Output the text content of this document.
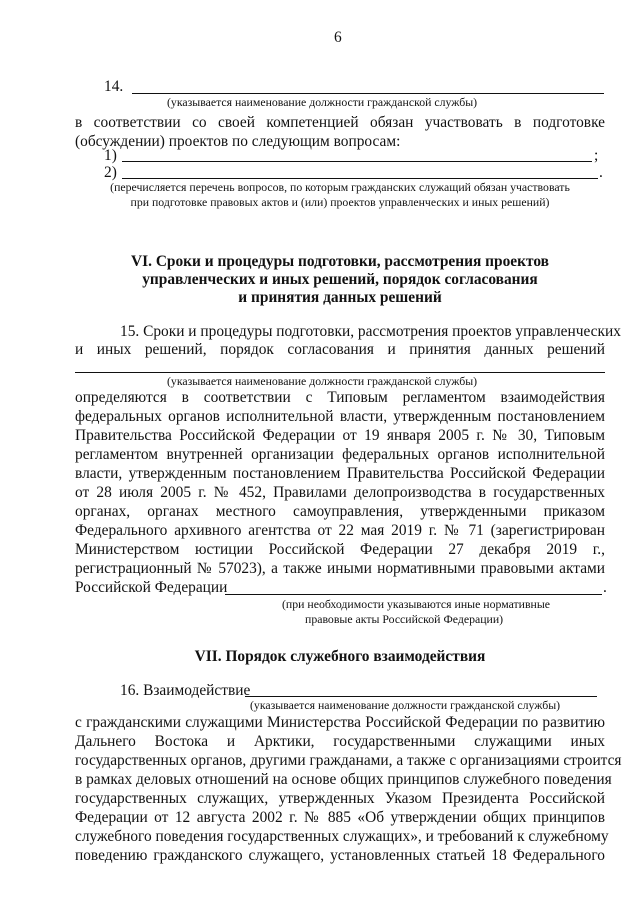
6
14.
(указывается наименование должности гражданской службы)
в соответствии со своей компетенцией обязан участвовать в подготовке
(обсуждении) проектов по следующим вопросам:
1)	;
2)	.
(перечисляется перечень вопросов, по которым гражданских служащий обязан участвовать
при подготовке правовых актов и (или) проектов управленческих и иных решений)
VI. Сроки и процедуры подготовки, рассмотрения проектов
управленческих и иных решений, порядок согласования
и принятия данных решений
15. Сроки и процедуры подготовки, рассмотрения проектов управленческих
и иных решений, порядок согласования и принятия данных решений
(указывается наименование должности гражданской службы)
определяются в соответствии с Типовым регламентом взаимодействия
федеральных органов исполнительной власти, утвержденным постановлением
Правительства Российской Федерации от 19 января 2005 г. № 30, Типовым
регламентом внутренней организации федеральных органов исполнительной
власти, утвержденным постановлением Правительства Российской Федерации
от 28 июля 2005 г. № 452, Правилами делопроизводства в государственных
органах, органах местного самоуправления, утвержденными приказом
Федерального архивного агентства от 22 мая 2019 г. № 71 (зарегистрирован
Министерством юстиции Российской Федерации 27 декабря 2019 г.,
регистрационный № 57023), а также иными нормативными правовыми актами
Российской Федерации	.
(при необходимости указываются иные нормативные
правовые акты Российской Федерации)
VII. Порядок служебного взаимодействия
16. Взаимодействие
(указывается наименование должности гражданской службы)
с гражданскими служащими Министерства Российской Федерации по развитию
Дальнего Востока и Арктики, государственными служащими иных
государственных органов, другими гражданами, а также с организациями строится
в рамках деловых отношений на основе общих принципов служебного поведения
государственных служащих, утвержденных Указом Президента Российской
Федерации от 12 августа 2002 г. № 885 «Об утверждении общих принципов
служебного поведения государственных служащих», и требований к служебному
поведению гражданского служащего, установленных статьей 18 Федерального
